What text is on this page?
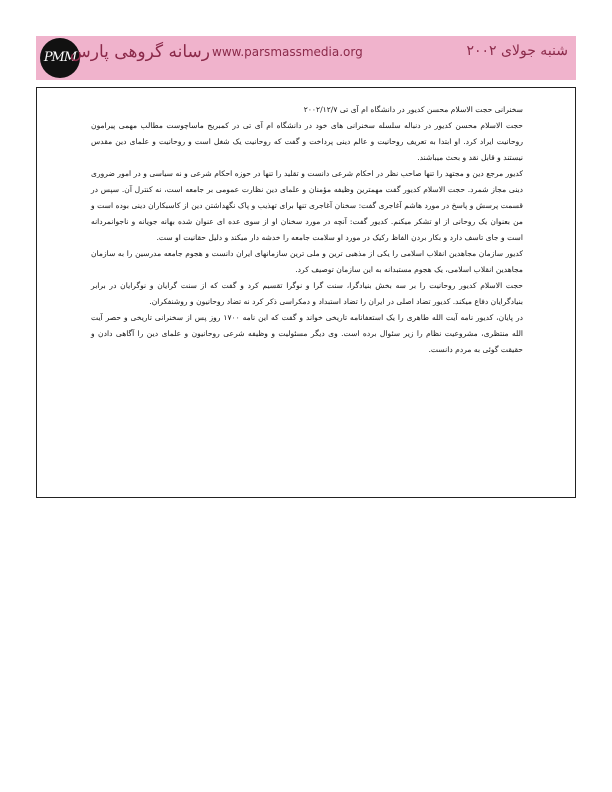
PMM
رسانه گروهی پارس www.parsmassmedia.org	شنبه جولای ۲۰۰۲
سخنرانی حجت الاسلام محسن کدیور در دانشگاه ام آی تی ۲۰۰۲/۱۲/۷

حجت الاسلام محسن کدیور در دنباله سلسله سخنرانی های خود در دانشگاه ام آی تی در کمبریج ماساچوست مطالب مهمی پیرامون روحانیت ایراد کرد. او ابتدا به تعریف روحانیت و عالم دینی پرداخت و گفت که روحانیت یک شغل است و روحانیت و علمای دین مقدس نیستند و قابل نقد و بحث میباشند.

کدیور مرجع دین و مجتهد را تنها صاحب نظر در احکام شرعی دانست و تقلید را تنها در حوزه احکام شرعی و نه سیاسی و در امور ضروری دینی مجاز شمرد. حجت الاسلام کدیور گفت مهمترین وظیفه مؤمنان و علمای دین نظارت عمومی بر جامعه است، نه کنترل آن. سپس در قسمت پرسش و پاسخ در مورد هاشم آغاجری گفت: سخنان آغاجری تنها برای تهذیب و پاک نگهداشتن دین از کاسبکاران دینی بوده است و من بعنوان یک روحانی از او تشکر میکنم. کدیور گفت: آنچه در مورد سخنان او از سوی عده ای عنوان شده بهانه جویانه و ناجوانمردانه است و جای تاسف دارد و بکار بردن الفاظ رکیک در مورد او سلامت جامعه را خدشه دار میکند و دلیل حقانیت او ست.

کدیور سازمان مجاهدین انقلاب اسلامی را یکی از مذهبی ترین و ملی ترین سازمانهای ایران دانست و هجوم جامعه مدرسین را به سازمان مجاهدین انقلاب اسلامی، یک هجوم مستبدانه به این سازمان توصیف کرد.

حجت الاسلام کدیور روحانیت را بر سه بخش بنیادگرا، سنت گرا و نوگرا تقسیم کرد و گفت که از سنت گرایان و نوگرایان در برابر بنیادگرایان دفاع میکند. کدیور تضاد اصلی در ایران را تضاد استبداد و دمکراسی ذکر کرد نه تضاد روحانیون و روشنفکران.

در پایان، کدیور نامه آیت الله طاهری را یک استعفانامه تاریخی خواند و گفت که این نامه ۱۷۰۰ روز پس از سخنرانی تاریخی و حصر آیت الله منتظری، مشروعیت نظام را زیر سئوال برده است. وی دیگر مسئولیت و وظیفه شرعی روحانیون و علمای دین را آگاهی دادن و حقیقت گوئی به مردم دانست.
